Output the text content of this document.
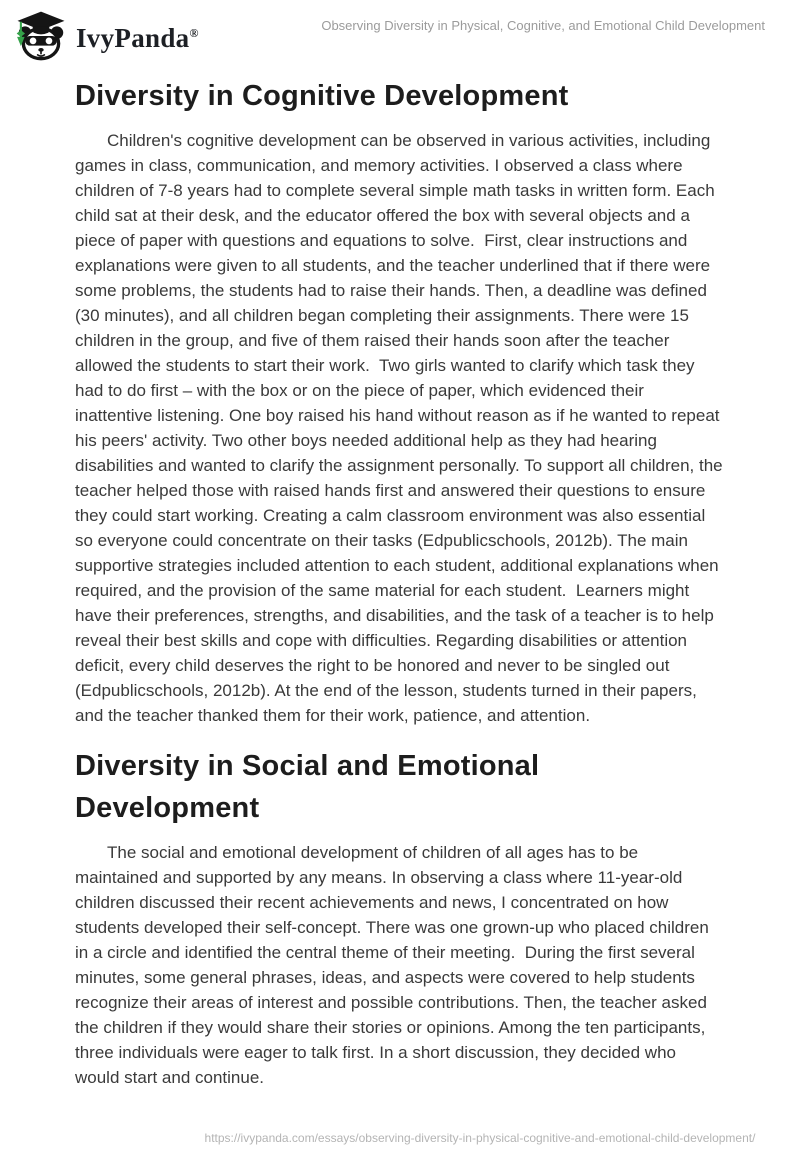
IvyPanda®	Observing Diversity in Physical, Cognitive, and Emotional Child Development
Diversity in Cognitive Development

Children's cognitive development can be observed in various activities, including games in class, communication, and memory activities. I observed a class where children of 7-8 years had to complete several simple math tasks in written form. Each child sat at their desk, and the educator offered the box with several objects and a piece of paper with questions and equations to solve.  First, clear instructions and explanations were given to all students, and the teacher underlined that if there were some problems, the students had to raise their hands. Then, a deadline was defined (30 minutes), and all children began completing their assignments. There were 15 children in the group, and five of them raised their hands soon after the teacher allowed the students to start their work.  Two girls wanted to clarify which task they had to do first – with the box or on the piece of paper, which evidenced their inattentive listening. One boy raised his hand without reason as if he wanted to repeat his peers' activity. Two other boys needed additional help as they had hearing disabilities and wanted to clarify the assignment personally. To support all children, the teacher helped those with raised hands first and answered their questions to ensure they could start working. Creating a calm classroom environment was also essential so everyone could concentrate on their tasks (Edpublicschools, 2012b). The main supportive strategies included attention to each student, additional explanations when required, and the provision of the same material for each student.  Learners might have their preferences, strengths, and disabilities, and the task of a teacher is to help reveal their best skills and cope with difficulties. Regarding disabilities or attention deficit, every child deserves the right to be honored and never to be singled out (Edpublicschools, 2012b). At the end of the lesson, students turned in their papers, and the teacher thanked them for their work, patience, and attention.

Diversity in Social and Emotional Development

The social and emotional development of children of all ages has to be maintained and supported by any means. In observing a class where 11-year-old children discussed their recent achievements and news, I concentrated on how students developed their self-concept. There was one grown-up who placed children in a circle and identified the central theme of their meeting.  During the first several minutes, some general phrases, ideas, and aspects were covered to help students recognize their areas of interest and possible contributions. Then, the teacher asked the children if they would share their stories or opinions. Among the ten participants, three individuals were eager to talk first. In a short discussion, they decided who would start and continue.

https://ivypanda.com/essays/observing-diversity-in-physical-cognitive-and-emotional-child-development/
